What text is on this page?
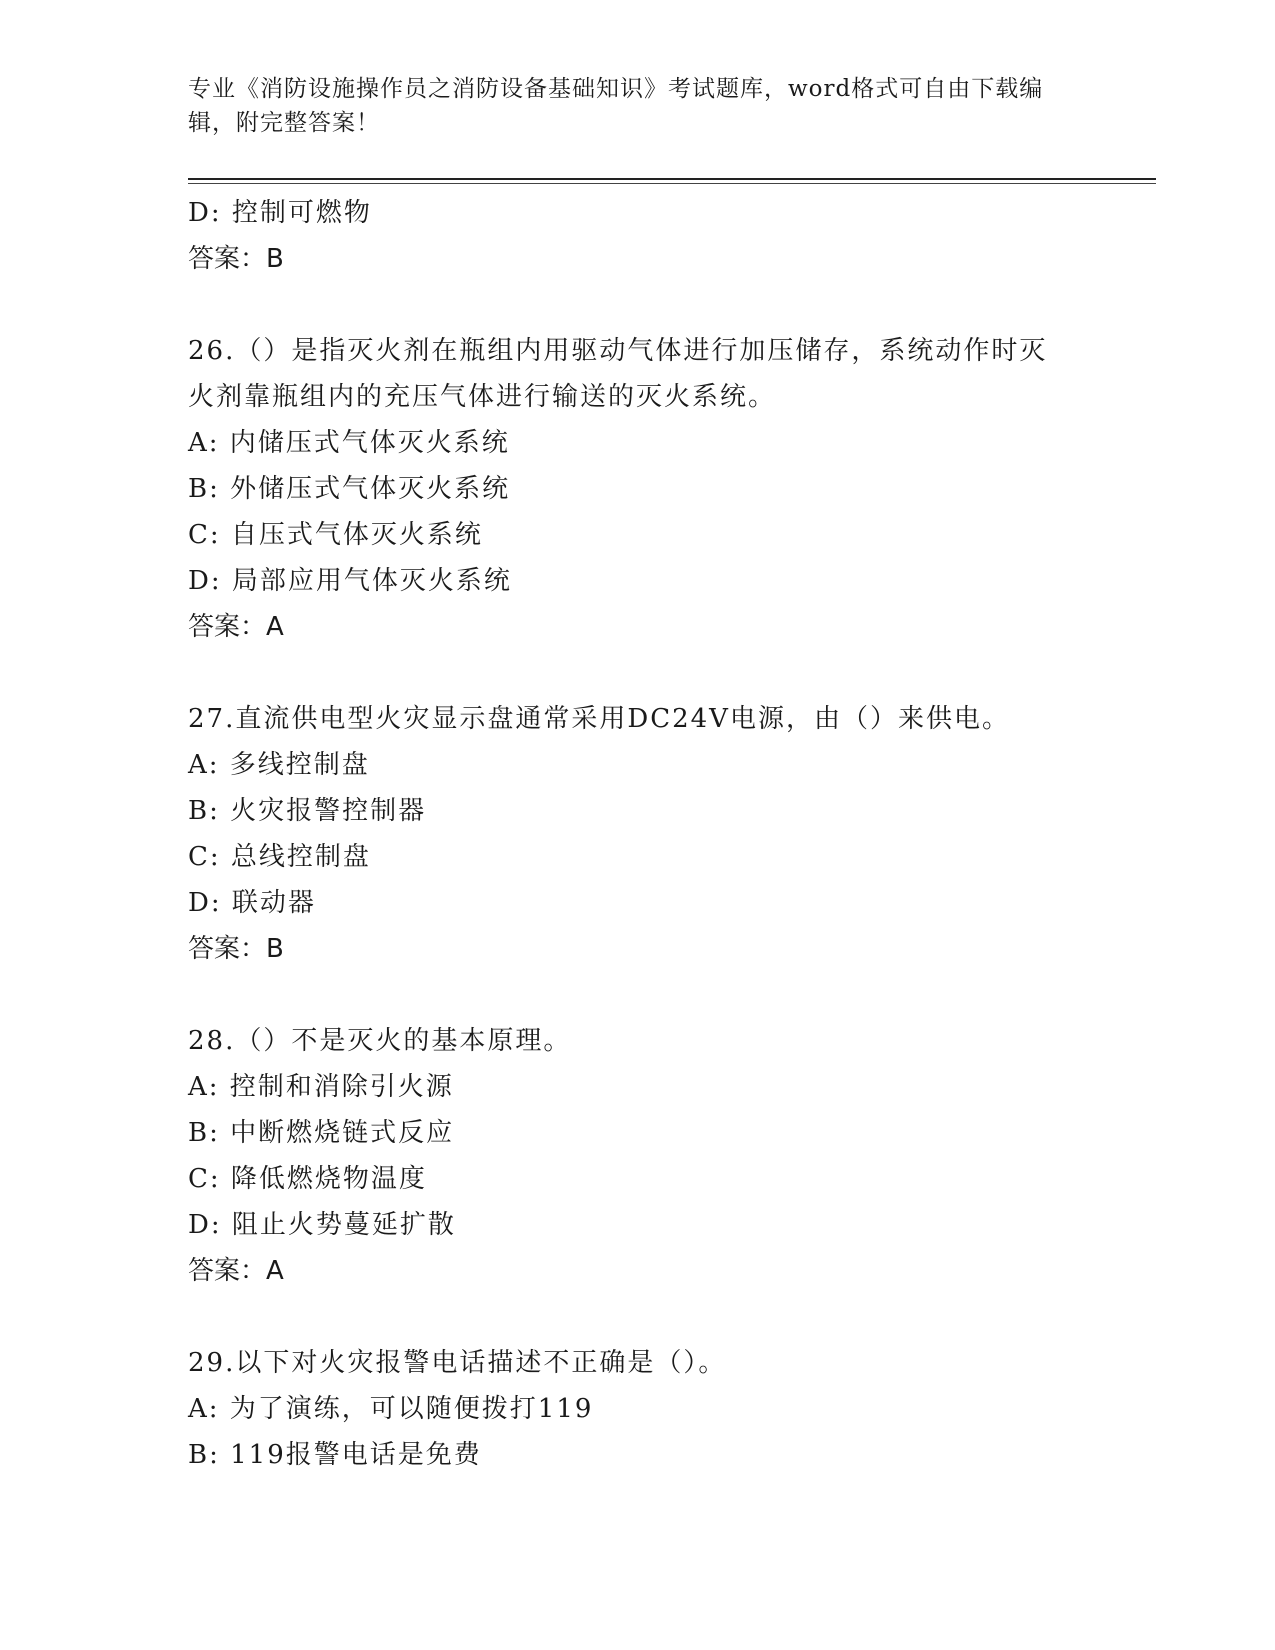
专业《消防设施操作员之消防设备基础知识》考试题库，word格式可自由下载编
辑，附完整答案！
D: 控制可燃物
答案：B
26.（）是指灭火剂在瓶组内用驱动气体进行加压储存，系统动作时灭
火剂靠瓶组内的充压气体进行输送的灭火系统。
A: 内储压式气体灭火系统
B: 外储压式气体灭火系统
C: 自压式气体灭火系统
D: 局部应用气体灭火系统
答案：A
27.直流供电型火灾显示盘通常采用DC24V电源，由（）来供电。
A: 多线控制盘
B: 火灾报警控制器
C: 总线控制盘
D: 联动器
答案：B
28.（）不是灭火的基本原理。
A: 控制和消除引火源
B: 中断燃烧链式反应
C: 降低燃烧物温度
D: 阻止火势蔓延扩散
答案：A
29.以下对火灾报警电话描述不正确是（）。
A: 为了演练，可以随便拨打119
B: 119报警电话是免费
